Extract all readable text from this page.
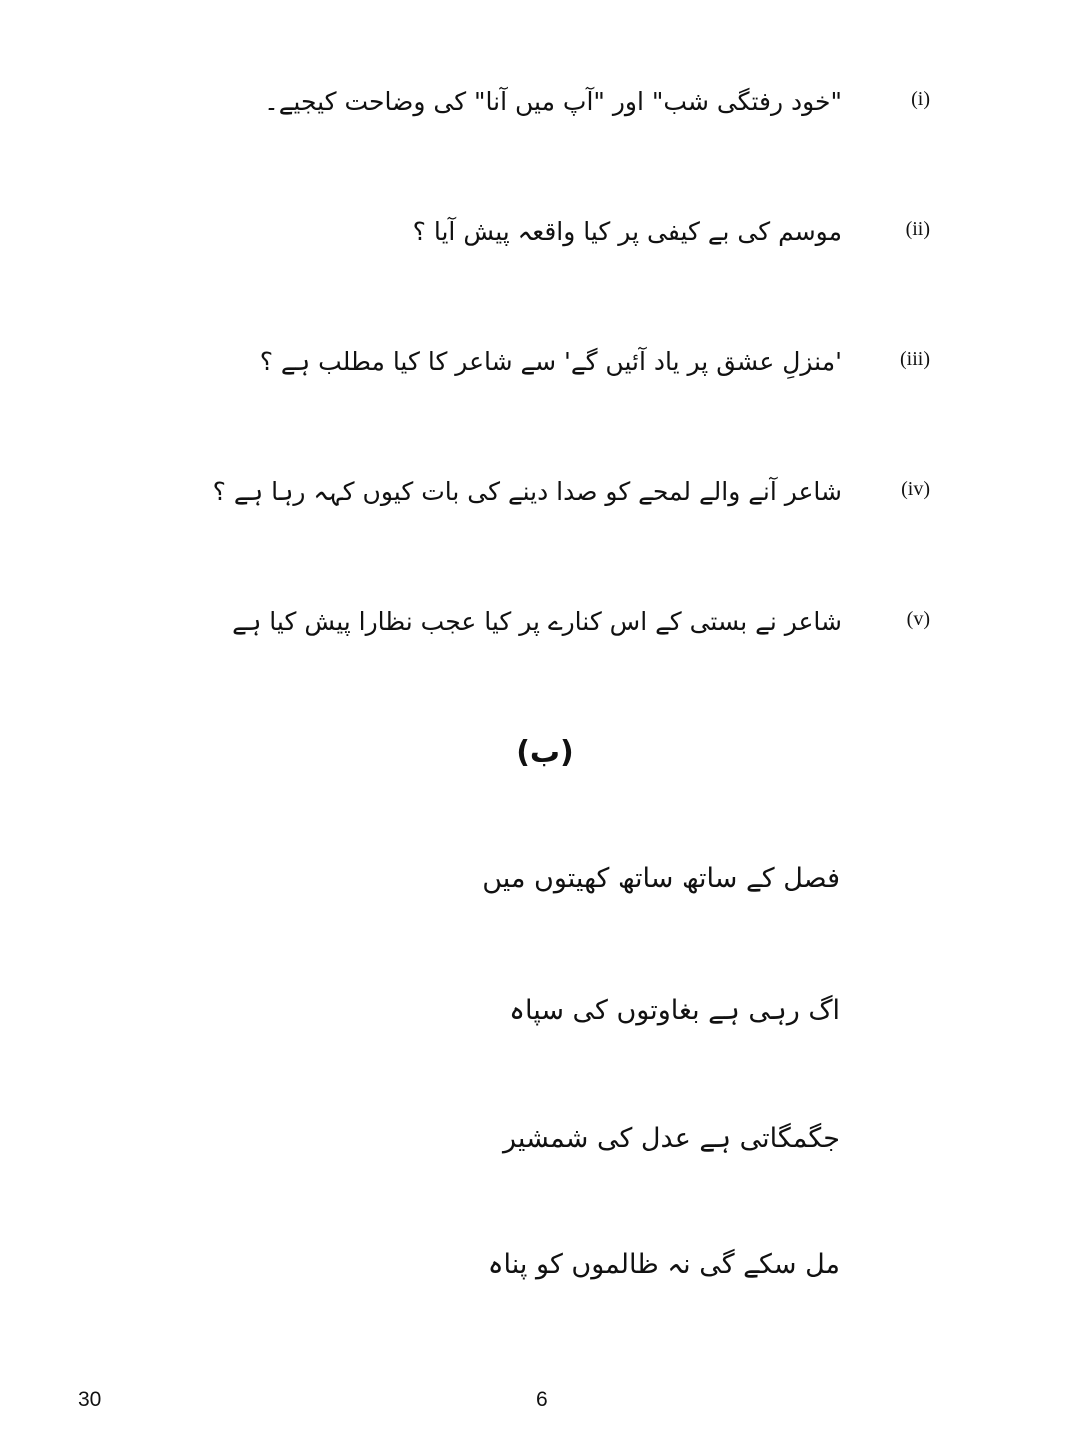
(i)
"خود رفتگی شب" اور "آپ میں آنا" کی وضاحت کیجیے۔
(ii)
موسم کی بے کیفی پر کیا واقعہ پیش آیا ؟
(iii)
'منزلِ عشق پر یاد آئیں گے' سے شاعر کا کیا مطلب ہے ؟
(iv)
شاعر آنے والے لمحے کو صدا دینے کی بات کیوں کہہ رہا ہے ؟
(v)
شاعر نے بستی کے اس کنارے پر کیا عجب نظارا پیش کیا ہے
(ب)
فصل کے ساتھ ساتھ کھیتوں میں
اگ رہی ہے بغاوتوں کی سپاہ
جگمگاتی ہے عدل کی شمشیر
مل سکے گی نہ ظالموں کو پناہ
30	6
